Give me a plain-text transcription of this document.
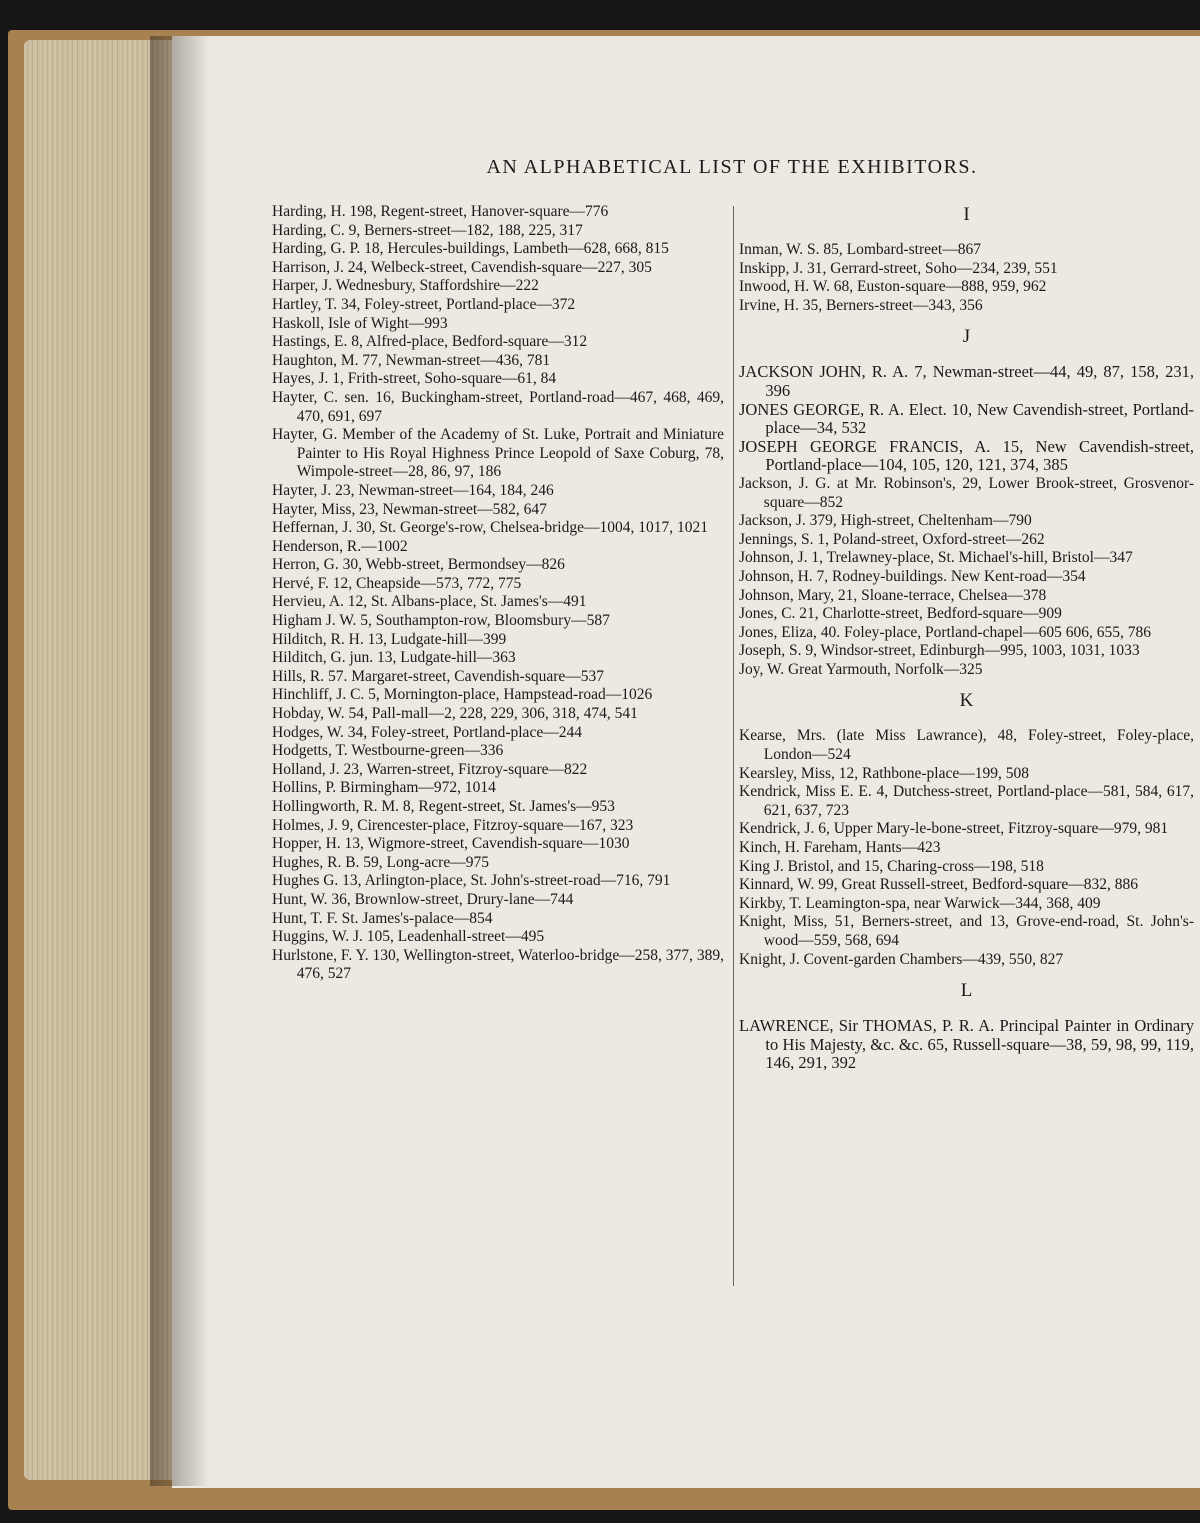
AN ALPHABETICAL LIST OF THE EXHIBITORS.
Harding, H. 198, Regent-street, Hanover-square—776
Harding, C. 9, Berners-street—182, 188, 225, 317
Harding, G. P. 18, Hercules-buildings, Lambeth—628, 668, 815
Harrison, J. 24, Welbeck-street, Cavendish-square—227, 305
Harper, J. Wednesbury, Staffordshire—222
Hartley, T. 34, Foley-street, Portland-place—372
Haskoll, Isle of Wight—993
Hastings, E. 8, Alfred-place, Bedford-square—312
Haughton, M. 77, Newman-street—436, 781
Hayes, J. 1, Frith-street, Soho-square—61, 84
Hayter, C. sen. 16, Buckingham-street, Portland-road—467, 468, 469, 470, 691, 697
Hayter, G. Member of the Academy of St. Luke, Portrait and Miniature Painter to His Royal Highness Prince Leopold of Saxe Coburg, 78, Wimpole-street—28, 86, 97, 186
Hayter, J. 23, Newman-street—164, 184, 246
Hayter, Miss, 23, Newman-street—582, 647
Heffernan, J. 30, St. George's-row, Chelsea-bridge—1004, 1017, 1021
Henderson, R.—1002
Herron, G. 30, Webb-street, Bermondsey—826
Hervé, F. 12, Cheapside—573, 772, 775
Hervieu, A. 12, St. Albans-place, St. James's—491
Higham J. W. 5, Southampton-row, Bloomsbury—587
Hilditch, R. H. 13, Ludgate-hill—399
Hilditch, G. jun. 13, Ludgate-hill—363
Hills, R. 57. Margaret-street, Cavendish-square—537
Hinchliff, J. C. 5, Mornington-place, Hampstead-road—1026
Hobday, W. 54, Pall-mall—2, 228, 229, 306, 318, 474, 541
Hodges, W. 34, Foley-street, Portland-place—244
Hodgetts, T. Westbourne-green—336
Holland, J. 23, Warren-street, Fitzroy-square—822
Hollins, P. Birmingham—972, 1014
Hollingworth, R. M. 8, Regent-street, St. James's—953
Holmes, J. 9, Cirencester-place, Fitzroy-square—167, 323
Hopper, H. 13, Wigmore-street, Cavendish-square—1030
Hughes, R. B. 59, Long-acre—975
Hughes G. 13, Arlington-place, St. John's-street-road—716, 791
Hunt, W. 36, Brownlow-street, Drury-lane—744
Hunt, T. F. St. James's-palace—854
Huggins, W. J. 105, Leadenhall-street—495
Hurlstone, F. Y. 130, Wellington-street, Waterloo-bridge—258, 377, 389, 476, 527
I
Inman, W. S. 85, Lombard-street—867
Inskipp, J. 31, Gerrard-street, Soho—234, 239, 551
Inwood, H. W. 68, Euston-square—888, 959, 962
Irvine, H. 35, Berners-street—343, 356
J
JACKSON JOHN, R. A. 7, Newman-street—44, 49, 87, 158, 231, 396
JONES GEORGE, R. A. Elect. 10, New Cavendish-street, Portland-place—34, 532
JOSEPH GEORGE FRANCIS, A. 15, New Cavendish-street, Portland-place—104, 105, 120, 121, 374, 385
Jackson, J. G. at Mr. Robinson's, 29, Lower Brook-street, Grosvenor-square—852
Jackson, J. 379, High-street, Cheltenham—790
Jennings, S. 1, Poland-street, Oxford-street—262
Johnson, J. 1, Trelawney-place, St. Michael's-hill, Bristol—347
Johnson, H. 7, Rodney-buildings. New Kent-road—354
Johnson, Mary, 21, Sloane-terrace, Chelsea—378
Jones, C. 21, Charlotte-street, Bedford-square—909
Jones, Eliza, 40. Foley-place, Portland-chapel—605 606, 655, 786
Joseph, S. 9, Windsor-street, Edinburgh—995, 1003, 1031, 1033
Joy, W. Great Yarmouth, Norfolk—325
K
Kearse, Mrs. (late Miss Lawrance), 48, Foley-street, Foley-place, London—524
Kearsley, Miss, 12, Rathbone-place—199, 508
Kendrick, Miss E. E. 4, Dutchess-street, Portland-place—581, 584, 617, 621, 637, 723
Kendrick, J. 6, Upper Mary-le-bone-street, Fitzroy-square—979, 981
Kinch, H. Fareham, Hants—423
King J. Bristol, and 15, Charing-cross—198, 518
Kinnard, W. 99, Great Russell-street, Bedford-square—832, 886
Kirkby, T. Leamington-spa, near Warwick—344, 368, 409
Knight, Miss, 51, Berners-street, and 13, Grove-end-road, St. John's-wood—559, 568, 694
Knight, J. Covent-garden Chambers—439, 550, 827
L
LAWRENCE, Sir THOMAS, P. R. A. Principal Painter in Ordinary to His Majesty, &c. &c. 65, Russell-square—38, 59, 98, 99, 119, 146, 291, 392
